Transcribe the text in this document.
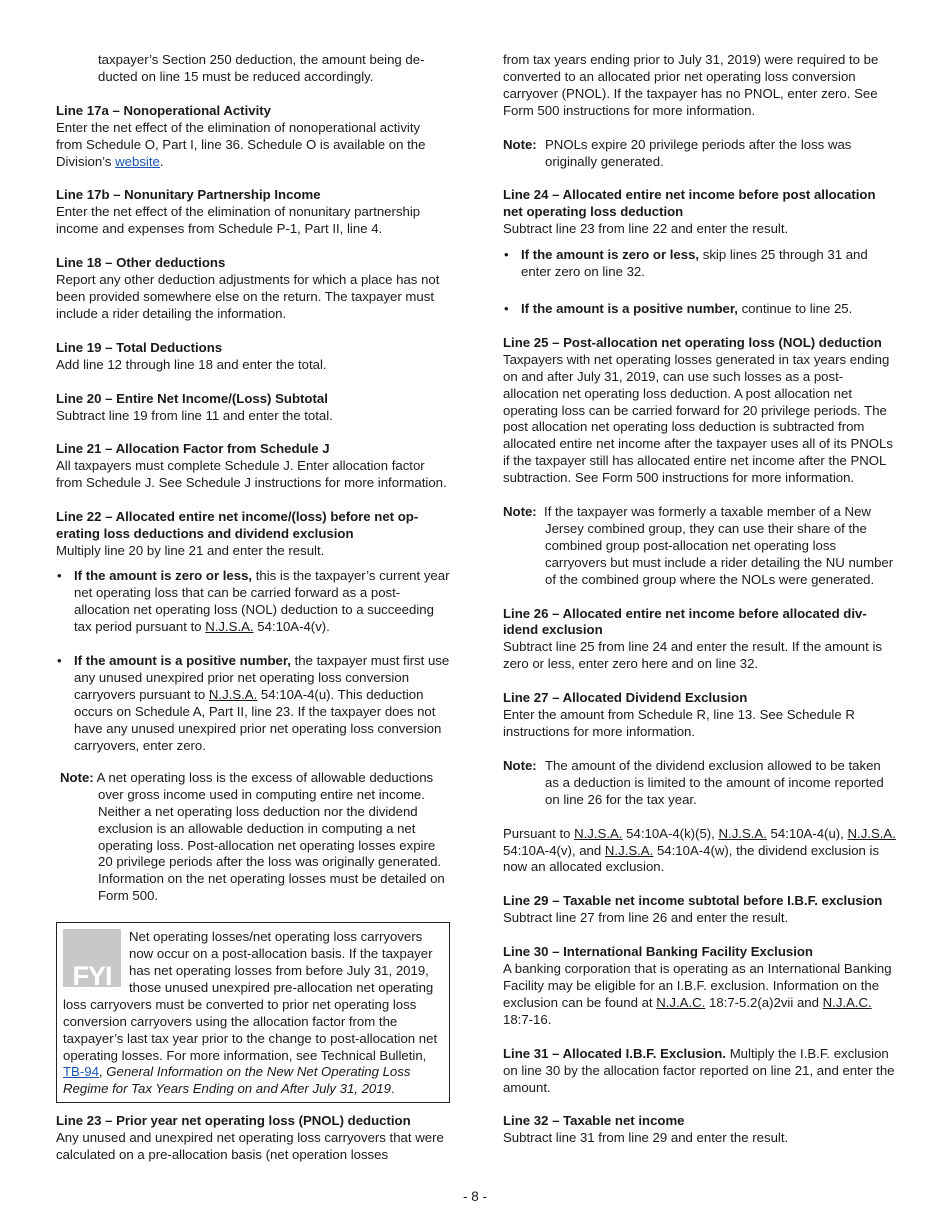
taxpayer’s Section 250 deduction, the amount being deducted on line 15 must be reduced accordingly.

Line 17a – Nonoperational Activity

Enter the net effect of the elimination of nonoperational activity from Schedule O, Part I, line 36. Schedule O is available on the Division’s website.

Line 17b – Nonunitary Partnership Income

Enter the net effect of the elimination of nonunitary partnership income and expenses from Schedule P-1, Part II, line 4.

Line 18 – Other deductions

Report any other deduction adjustments for which a place has not been provided somewhere else on the return. The taxpayer must include a rider detailing the information.

Line 19 – Total Deductions

Add line 12 through line 18 and enter the total.

Line 20 – Entire Net Income/(Loss) Subtotal

Subtract line 19 from line 11 and enter the total.

Line 21 – Allocation Factor from Schedule J

All taxpayers must complete Schedule J. Enter allocation factor from Schedule J. See Schedule J instructions for more information.

Line 22 – Allocated entire net income/(loss) before net operating loss deductions and dividend exclusion

Multiply line 20 by line 21 and enter the result.

• If the amount is zero or less, this is the taxpayer’s current year net operating loss that can be carried forward as a post-allocation net operating loss (NOL) deduction to a succeeding tax period pursuant to N.J.S.A. 54:10A-4(v).
• If the amount is a positive number, the taxpayer must first use any unused unexpired prior net operating loss conversion carryovers pursuant to N.J.S.A. 54:10A-4(u). This deduction occurs on Schedule A, Part II, line 23. If the taxpayer does not have any unused unexpired prior net operating loss conversion carryovers, enter zero.
Note: A net operating loss is the excess of allowable deductions over gross income used in computing entire net income. Neither a net operating loss deduction nor the dividend exclusion is an allowable deduction in computing a net operating loss. Post-allocation net operating losses expire 20 privilege periods after the loss was originally generated. Information on the net operating losses must be detailed on Form 500.
FYI

Net operating losses/net operating loss carryovers now occur on a post-allocation basis. If the taxpayer has net operating losses from before July 31, 2019, those unused unexpired pre-allocation net operating loss carryovers must be converted to prior net operating loss conversion carryovers using the allocation factor from the taxpayer’s last tax year prior to the change to post-allocation net operating losses. For more information, see Technical Bulletin, TB-94, General Information on the New Net Operating Loss Regime for Tax Years Ending on and After July 31, 2019.

Line 23 – Prior year net operating loss (PNOL) deduction

Any unused and unexpired net operating loss carryovers that were calculated on a pre-allocation basis (net operation losses

from tax years ending prior to July 31, 2019) were required to be converted to an allocated prior net operating loss conversion carryover (PNOL). If the taxpayer has no PNOL, enter zero. See Form 500 instructions for more information.

Note: PNOLs expire 20 privilege periods after the loss was originally generated.

Line 24 – Allocated entire net income before post allocation net operating loss deduction

Subtract line 23 from line 22 and enter the result.

• If the amount is zero or less, skip lines 25 through 31 and enter zero on line 32.
• If the amount is a positive number, continue to line 25.

Line 25 – Post-allocation net operating loss (NOL) deduction

Taxpayers with net operating losses generated in tax years ending on and after July 31, 2019, can use such losses as a post-allocation net operating loss deduction. A post allocation net operating loss can be carried forward for 20 privilege periods. The post allocation net operating loss deduction is subtracted from allocated entire net income after the taxpayer uses all of its PNOLs if the taxpayer still has allocated entire net income after the PNOL subtraction. See Form 500 instructions for more information.

Note: If the taxpayer was formerly a taxable member of a New Jersey combined group, they can use their share of the combined group post-allocation net operating loss carryovers but must include a rider detailing the NU number of the combined group where the NOLs were generated.

Line 26 – Allocated entire net income before allocated dividend exclusion

Subtract line 25 from line 24 and enter the result. If the amount is zero or less, enter zero here and on line 32.

Line 27 – Allocated Dividend Exclusion

Enter the amount from Schedule R, line 13. See Schedule R instructions for more information.

Note: The amount of the dividend exclusion allowed to be taken as a deduction is limited to the amount of income reported on line 26 for the tax year.

Pursuant to N.J.S.A. 54:10A-4(k)(5), N.J.S.A. 54:10A-4(u), N.J.S.A. 54:10A-4(v), and N.J.S.A. 54:10A-4(w), the dividend exclusion is now an allocated exclusion.

Line 29 – Taxable net income subtotal before I.B.F. exclusion

Subtract line 27 from line 26 and enter the result.

Line 30 – International Banking Facility Exclusion

A banking corporation that is operating as an International Banking Facility may be eligible for an I.B.F. exclusion. Information on the exclusion can be found at N.J.A.C. 18:7-5.2(a)2vii and N.J.A.C. 18:7-16.

Line 31 – Allocated I.B.F. Exclusion. Multiply the I.B.F. exclusion on line 30 by the allocation factor reported on line 21, and enter the amount.

Line 32 – Taxable net income

Subtract line 31 from line 29 and enter the result.

- 8 -
